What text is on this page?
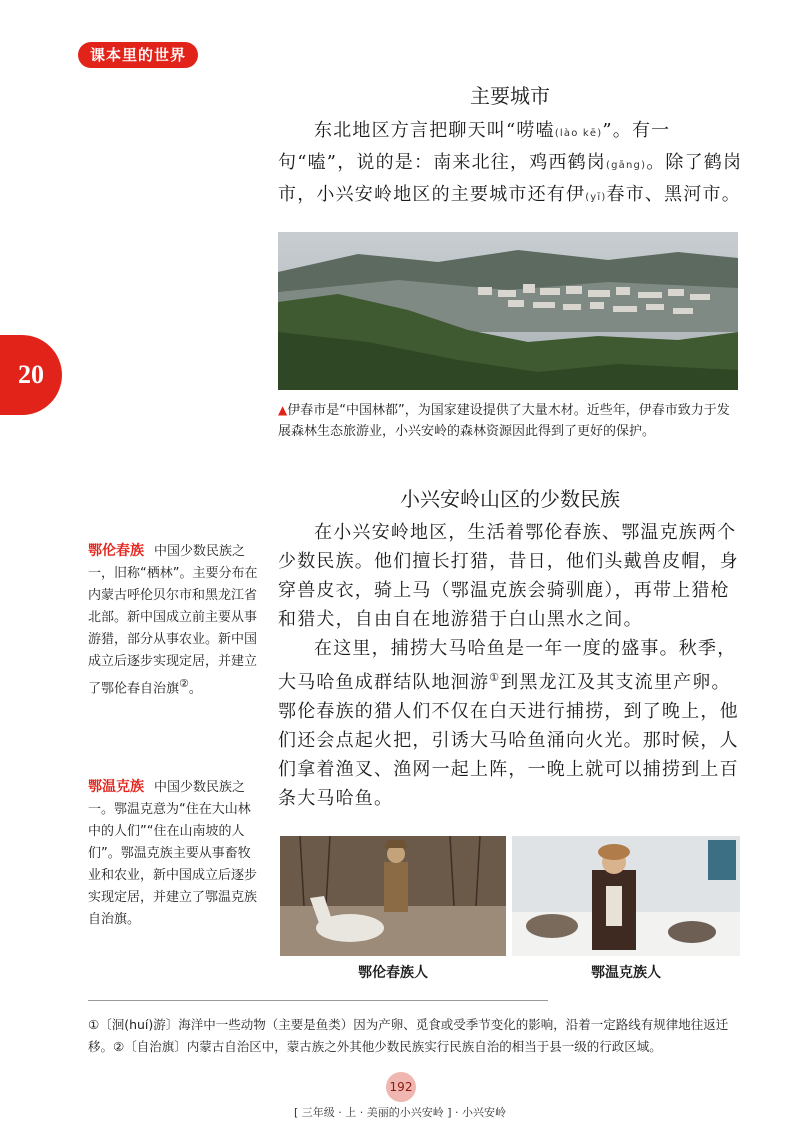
课本里的世界
20
主要城市

东北地区方言把聊天叫“唠嗑(lào kē)”。有一句“嗑”，说的是：南来北往，鸡西鹤岗(gāng)。除了鹤岗市，小兴安岭地区的主要城市还有伊(yī)春市、黑河市。

▲伊春市是“中国林都”，为国家建设提供了大量木材。近些年，伊春市致力于发展森林生态旅游业，小兴安岭的森林资源因此得到了更好的保护。
小兴安岭山区的少数民族

在小兴安岭地区，生活着鄂伦春族、鄂温克族两个少数民族。他们擅长打猎，昔日，他们头戴兽皮帽，身穿兽皮衣，骑上马（鄂温克族会骑驯鹿），再带上猎枪和猎犬，自由自在地游猎于白山黑水之间。

在这里，捕捞大马哈鱼是一年一度的盛事。秋季，大马哈鱼成群结队地洄游①到黑龙江及其支流里产卵。鄂伦春族的猎人们不仅在白天进行捕捞，到了晚上，他们还会点起火把，引诱大马哈鱼涌向火光。那时候，人们拿着渔叉、渔网一起上阵，一晚上就可以捕捞到上百条大马哈鱼。

鄂伦春族 中国少数民族之一，旧称“栖林”。主要分布在内蒙古呼伦贝尔市和黑龙江省北部。新中国成立前主要从事游猎，部分从事农业。新中国成立后逐步实现定居，并建立了鄂伦春自治旗②。
鄂温克族 中国少数民族之一。鄂温克意为“住在大山林中的人们”“住在山南坡的人们”。鄂温克族主要从事畜牧业和农业，新中国成立后逐步实现定居，并建立了鄂温克族自治旗。
鄂伦春族人	鄂温克族人
①〔洄(huí)游〕海洋中一些动物（主要是鱼类）因为产卵、觅食或受季节变化的影响，沿着一定路线有规律地往返迁移。②〔自治旗〕内蒙古自治区中，蒙古族之外其他少数民族实行民族自治的相当于县一级的行政区域。
192
[ 三年级 · 上 · 美丽的小兴安岭 ] · 小兴安岭
